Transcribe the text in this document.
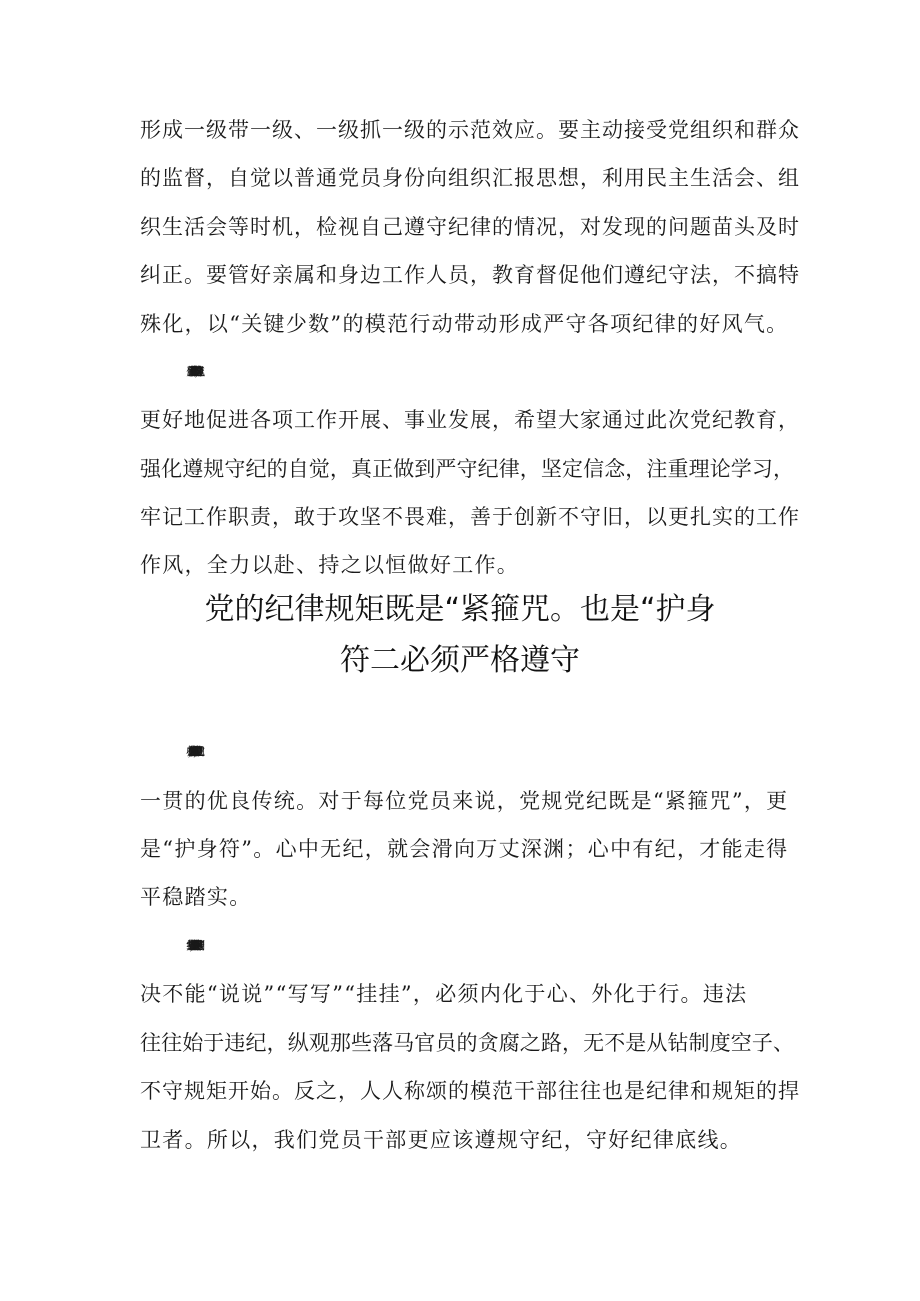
形成一级带一级、一级抓一级的示范效应。要主动接受党组织和群众
的监督，自觉以普通党员身份向组织汇报思想，利用民主生活会、组
织生活会等时机，检视自己遵守纪律的情况，对发现的问题苗头及时
纠正。要管好亲属和身边工作人员，教育督促他们遵纪守法，不搞特
殊化，以“关键少数”的模范行动带动形成严守各项纪律的好风气。
今天就跟大家交流这么多。开展党纪学习教育的目的是转变作风，
更好地促进各项工作开展、事业发展，希望大家通过此次党纪教育，
强化遵规守纪的自觉，真正做到严守纪律，坚定信念，注重理论学习，
牢记工作职责，敢于攻坚不畏难，善于创新不守旧，以更扎实的工作
作风，全力以赴、持之以恒做好工作。
党的纪律规矩既是“紧箍咒。也是“护身
符二必须严格遵守
心中有规矩，行为定方圆。牢固树立纪律和规矩意识，是我们党
一贯的优良传统。对于每位党员来说，党规党纪既是“紧箍咒”，更
是“护身符”。心中无纪，就会滑向万丈深渊；心中有纪，才能走得
平稳踏实。
党纪党规不是挂在嘴上的，而是要落到实处的。学习贯彻《条例》
决不能“说说”“写写”“挂挂”，必须内化于心、外化于行。违法
往往始于违纪，纵观那些落马官员的贪腐之路，无不是从钻制度空子、
不守规矩开始。反之，人人称颂的模范干部往往也是纪律和规矩的捍
卫者。所以，我们党员干部更应该遵规守纪，守好纪律底线。
